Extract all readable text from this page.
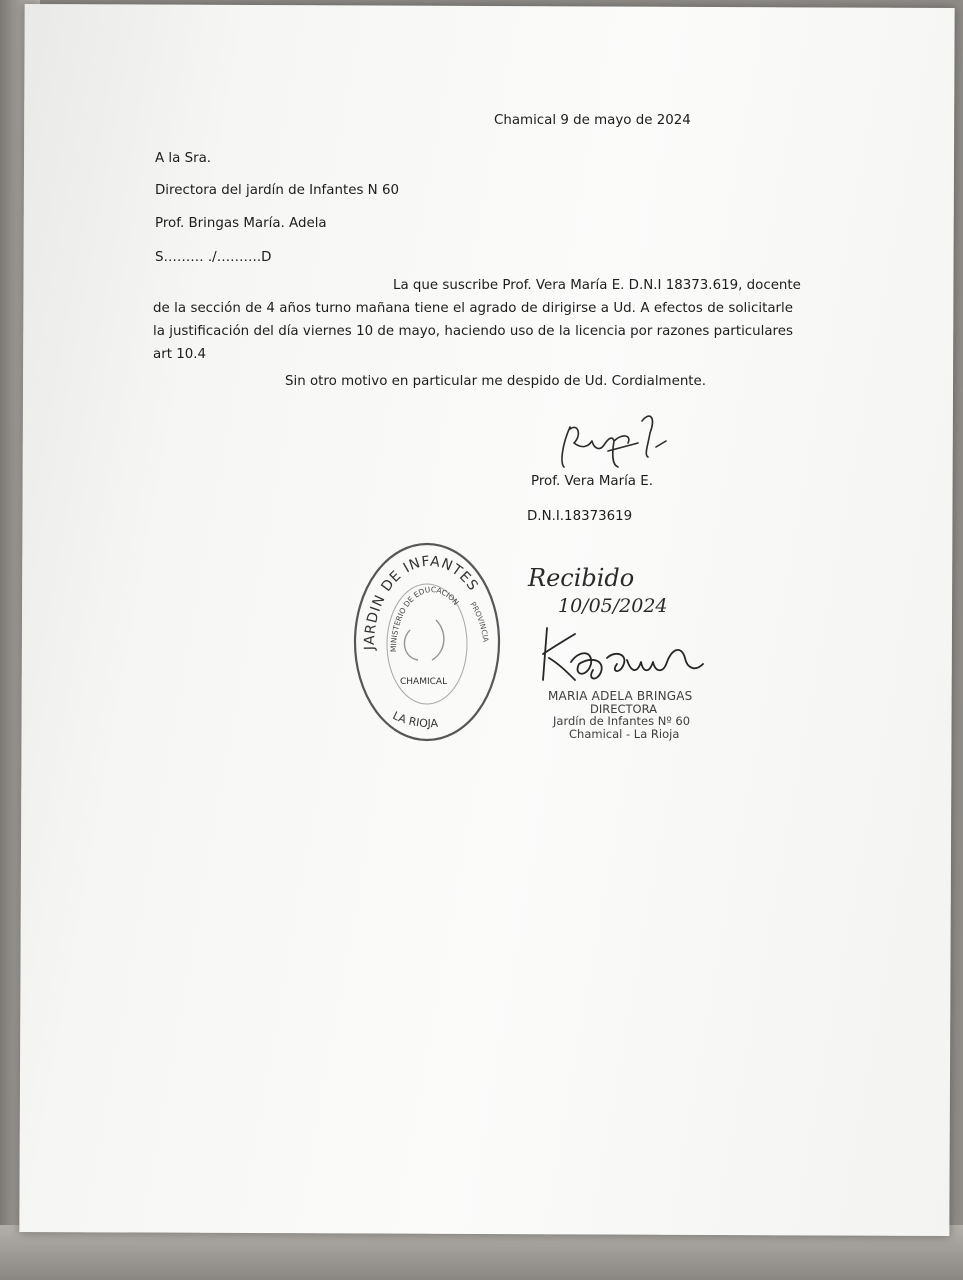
Chamical 9 de mayo de 2024
A la Sra.
Directora del jardín de Infantes N 60
Prof. Bringas María. Adela
S……… ./……….D
La que suscribe Prof. Vera María E. D.N.I 18373.619, docente
de la sección de 4 años turno mañana tiene el agrado de dirigirse a Ud. A efectos de solicitarle
la justificación del día viernes 10 de mayo, haciendo uso de la licencia por razones particulares
art 10.4
Sin otro motivo en particular me despido de Ud. Cordialmente.
Prof. Vera María E.
D.N.I.18373619
JARDIN DE INFANTES
MINISTERIO DE EDUCACION PROVINCIA
CHAMICAL
LA RIOJA
Recibido
10/05/2024
MARIA ADELA BRINGAS
DIRECTORA
Jardín de Infantes Nº 60
Chamical - La Rioja
